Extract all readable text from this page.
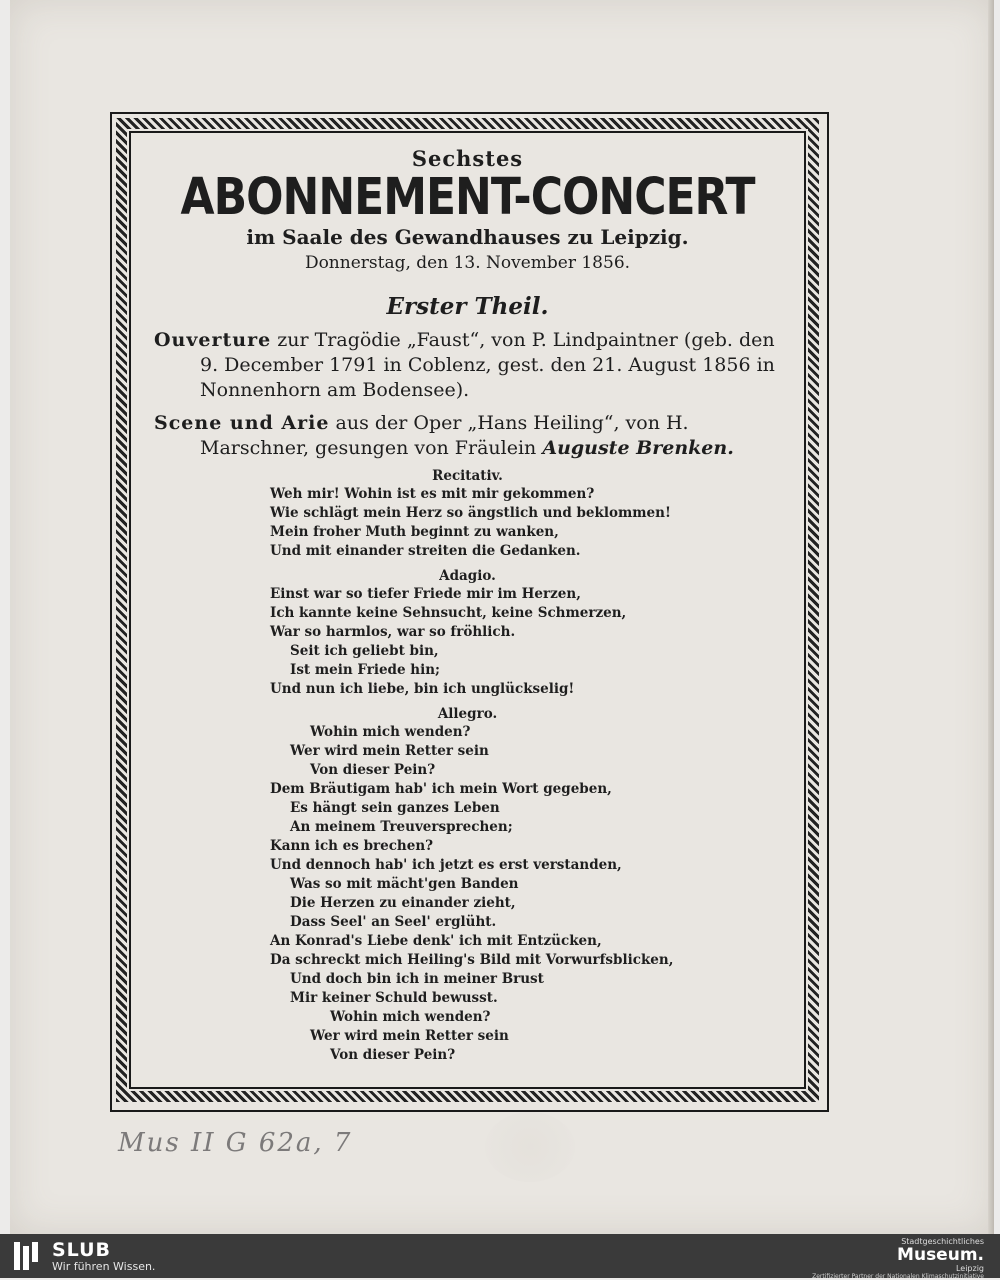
Sechstes
ABONNEMENT-CONCERT
im Saale des Gewandhauses zu Leipzig.
Donnerstag, den 13. November 1856.
Erster Theil.
Ouverture zur Tragödie „Faust“, von P. Lindpaintner (geb. den 9. December 1791 in Coblenz, gest. den 21. August 1856 in Nonnenhorn am Bodensee).
Scene und Arie aus der Oper „Hans Heiling“, von H. Marschner, gesungen von Fräulein Auguste Brenken.
Recitativ.
Weh mir! Wohin ist es mit mir gekommen?
Wie schlägt mein Herz so ängstlich und beklommen!
Mein froher Muth beginnt zu wanken,
Und mit einander streiten die Gedanken.
Adagio.
Einst war so tiefer Friede mir im Herzen,
Ich kannte keine Sehnsucht, keine Schmerzen,
War so harmlos, war so fröhlich.
Seit ich geliebt bin,
Ist mein Friede hin;
Und nun ich liebe, bin ich unglückselig!
Allegro.
Wohin mich wenden?
Wer wird mein Retter sein
Von dieser Pein?
Dem Bräutigam hab' ich mein Wort gegeben,
Es hängt sein ganzes Leben
An meinem Treuversprechen;
Kann ich es brechen?
Und dennoch hab' ich jetzt es erst verstanden,
Was so mit mächt'gen Banden
Die Herzen zu einander zieht,
Dass Seel' an Seel' erglüht.
An Konrad's Liebe denk' ich mit Entzücken,
Da schreckt mich Heiling's Bild mit Vorwurfsblicken,
Und doch bin ich in meiner Brust
Mir keiner Schuld bewusst.
Wohin mich wenden?
Wer wird mein Retter sein
Von dieser Pein?
Mus II G 62a, 7
SLUB
Wir führen Wissen.
Stadtgeschichtliches
Museum.
Leipzig
Zertifizierter Partner der Nationalen Klimaschutzinitiative
